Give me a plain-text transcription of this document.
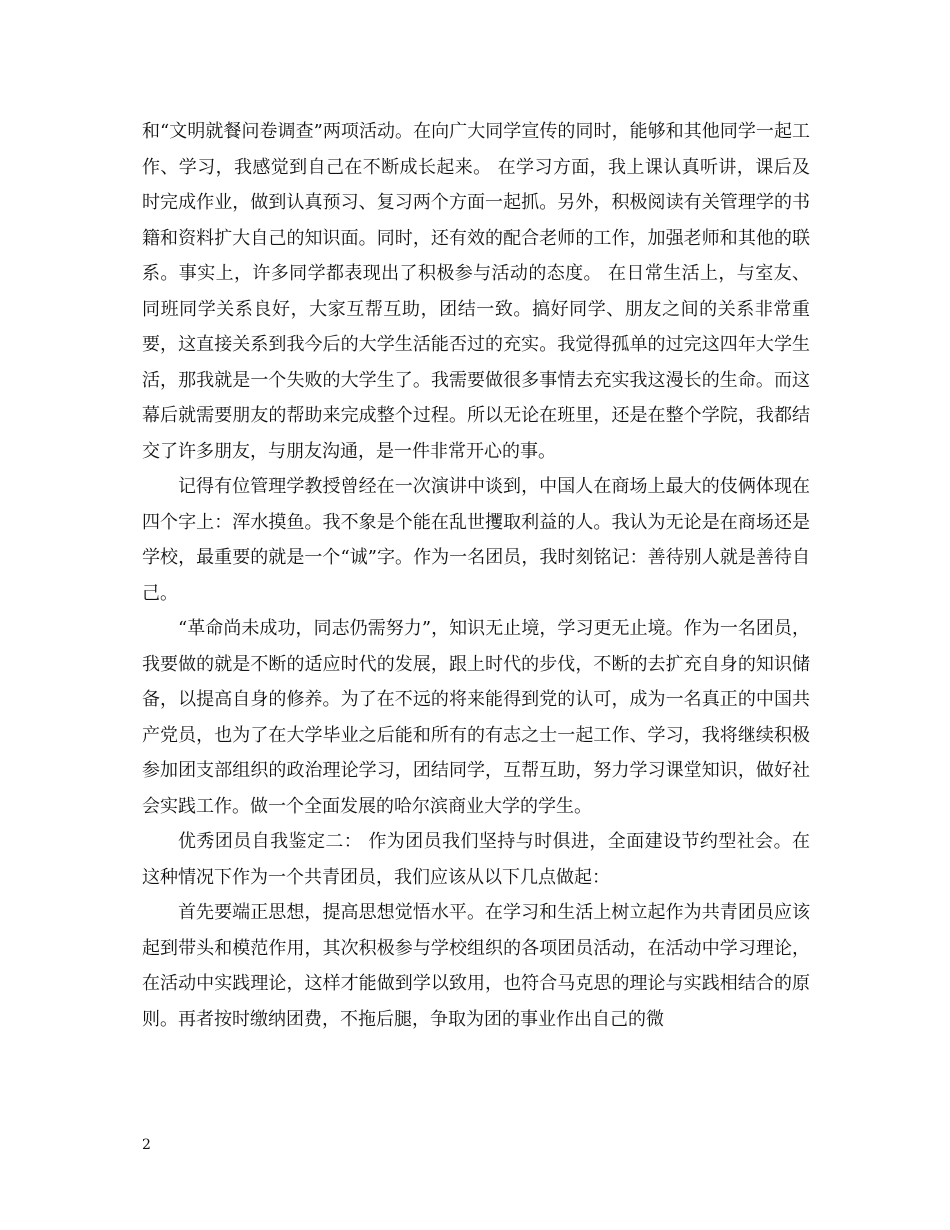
和“文明就餐问卷调查”两项活动。在向广大同学宣传的同时，能够和其他同学一起工作、学习，我感觉到自己在不断成长起来。 在学习方面，我上课认真听讲，课后及时完成作业，做到认真预习、复习两个方面一起抓。另外，积极阅读有关管理学的书籍和资料扩大自己的知识面。同时，还有效的配合老师的工作，加强老师和其他的联系。事实上，许多同学都表现出了积极参与活动的态度。 在日常生活上，与室友、同班同学关系良好，大家互帮互助，团结一致。搞好同学、朋友之间的关系非常重要，这直接关系到我今后的大学生活能否过的充实。我觉得孤单的过完这四年大学生活，那我就是一个失败的大学生了。我需要做很多事情去充实我这漫长的生命。而这幕后就需要朋友的帮助来完成整个过程。所以无论在班里，还是在整个学院，我都结交了许多朋友，与朋友沟通，是一件非常开心的事。

记得有位管理学教授曾经在一次演讲中谈到，中国人在商场上最大的伎俩体现在四个字上：浑水摸鱼。我不象是个能在乱世攫取利益的人。我认为无论是在商场还是学校，最重要的就是一个“诚”字。作为一名团员，我时刻铭记：善待别人就是善待自己。

“革命尚未成功，同志仍需努力”，知识无止境，学习更无止境。作为一名团员，我要做的就是不断的适应时代的发展，跟上时代的步伐，不断的去扩充自身的知识储备，以提高自身的修养。为了在不远的将来能得到党的认可，成为一名真正的中国共产党员，也为了在大学毕业之后能和所有的有志之士一起工作、学习，我将继续积极参加团支部组织的政治理论学习，团结同学，互帮互助，努力学习课堂知识，做好社会实践工作。做一个全面发展的哈尔滨商业大学的学生。

优秀团员自我鉴定二： 作为团员我们坚持与时俱进，全面建设节约型社会。在这种情况下作为一个共青团员，我们应该从以下几点做起：

首先要端正思想，提高思想觉悟水平。在学习和生活上树立起作为共青团员应该起到带头和模范作用，其次积极参与学校组织的各项团员活动，在活动中学习理论，在活动中实践理论，这样才能做到学以致用，也符合马克思的理论与实践相结合的原则。再者按时缴纳团费，不拖后腿，争取为团的事业作出自己的微

2
